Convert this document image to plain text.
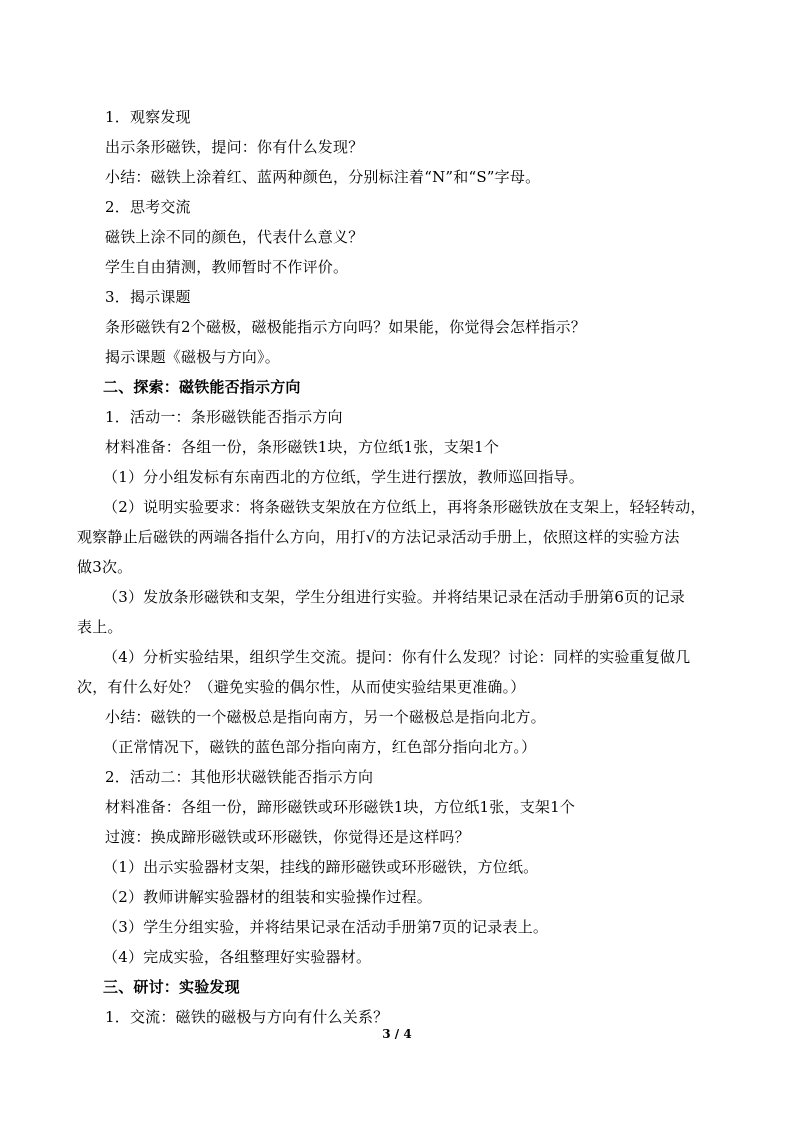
1．观察发现
出示条形磁铁，提问：你有什么发现？
小结：磁铁上涂着红、蓝两种颜色，分别标注着“N”和“S”字母。
2．思考交流
磁铁上涂不同的颜色，代表什么意义？
学生自由猜测，教师暂时不作评价。
3．揭示课题
条形磁铁有2个磁极，磁极能指示方向吗？如果能，你觉得会怎样指示？
揭示课题《磁极与方向》。
二、探索：磁铁能否指示方向
1．活动一：条形磁铁能否指示方向
材料准备：各组一份，条形磁铁1块，方位纸1张，支架1个
（1）分小组发标有东南西北的方位纸，学生进行摆放，教师巡回指导。
（2）说明实验要求：将条磁铁支架放在方位纸上，再将条形磁铁放在支架上，轻轻转动，
观察静止后磁铁的两端各指什么方向，用打√的方法记录活动手册上，依照这样的实验方法
做3次。
（3）发放条形磁铁和支架，学生分组进行实验。并将结果记录在活动手册第6页的记录
表上。
（4）分析实验结果，组织学生交流。提问：你有什么发现？讨论：同样的实验重复做几
次，有什么好处？（避免实验的偶尔性，从而使实验结果更准确。）
小结：磁铁的一个磁极总是指向南方，另一个磁极总是指向北方。
（正常情况下，磁铁的蓝色部分指向南方，红色部分指向北方。）
2．活动二：其他形状磁铁能否指示方向
材料准备：各组一份，蹄形磁铁或环形磁铁1块，方位纸1张，支架1个
过渡：换成蹄形磁铁或环形磁铁，你觉得还是这样吗？
（1）出示实验器材支架，挂线的蹄形磁铁或环形磁铁，方位纸。
（2）教师讲解实验器材的组装和实验操作过程。
（3）学生分组实验，并将结果记录在活动手册第7页的记录表上。
（4）完成实验，各组整理好实验器材。
三、研讨：实验发现
1．交流：磁铁的磁极与方向有什么关系？
3 / 4
